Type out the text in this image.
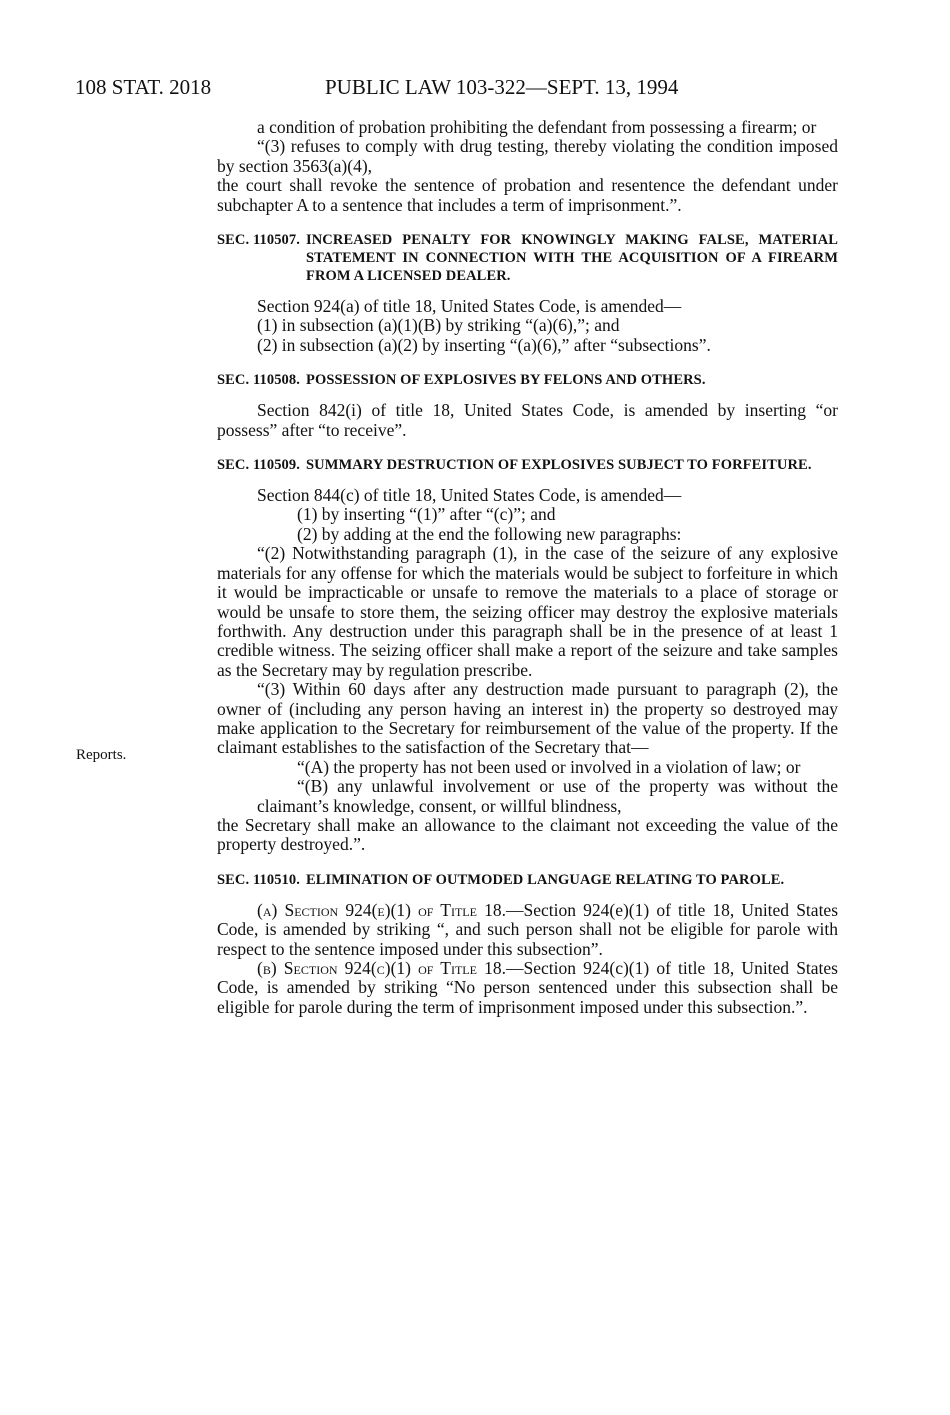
108 STAT. 2018	PUBLIC LAW 103-322—SEPT. 13, 1994
Reports.

a condition of probation prohibiting the defendant from possessing a firearm; or

“(3) refuses to comply with drug testing, thereby violating the condition imposed by section 3563(a)(4),

the court shall revoke the sentence of probation and resentence the defendant under subchapter A to a sentence that includes a term of imprisonment.”.

SEC. 110507. INCREASED PENALTY FOR KNOWINGLY MAKING FALSE, MATERIAL STATEMENT IN CONNECTION WITH THE ACQUISITION OF A FIREARM FROM A LICENSED DEALER.

Section 924(a) of title 18, United States Code, is amended—

(1) in subsection (a)(1)(B) by striking “(a)(6),”; and

(2) in subsection (a)(2) by inserting “(a)(6),” after “subsections”.

SEC. 110508. POSSESSION OF EXPLOSIVES BY FELONS AND OTHERS.

Section 842(i) of title 18, United States Code, is amended by inserting “or possess” after “to receive”.

SEC. 110509. SUMMARY DESTRUCTION OF EXPLOSIVES SUBJECT TO FORFEITURE.

Section 844(c) of title 18, United States Code, is amended—

(1) by inserting “(1)” after “(c)”; and

(2) by adding at the end the following new paragraphs:

“(2) Notwithstanding paragraph (1), in the case of the seizure of any explosive materials for any offense for which the materials would be subject to forfeiture in which it would be impracticable or unsafe to remove the materials to a place of storage or would be unsafe to store them, the seizing officer may destroy the explosive materials forthwith. Any destruction under this paragraph shall be in the presence of at least 1 credible witness. The seizing officer shall make a report of the seizure and take samples as the Secretary may by regulation prescribe.

“(3) Within 60 days after any destruction made pursuant to paragraph (2), the owner of (including any person having an interest in) the property so destroyed may make application to the Secretary for reimbursement of the value of the property. If the claimant establishes to the satisfaction of the Secretary that—

“(A) the property has not been used or involved in a violation of law; or

“(B) any unlawful involvement or use of the property was without the claimant’s knowledge, consent, or willful blindness,

the Secretary shall make an allowance to the claimant not exceeding the value of the property destroyed.”.

SEC. 110510. ELIMINATION OF OUTMODED LANGUAGE RELATING TO PAROLE.

(a) Section 924(e)(1) of Title 18.—Section 924(e)(1) of title 18, United States Code, is amended by striking “, and such person shall not be eligible for parole with respect to the sentence imposed under this subsection”.

(b) Section 924(c)(1) of Title 18.—Section 924(c)(1) of title 18, United States Code, is amended by striking “No person sentenced under this subsection shall be eligible for parole during the term of imprisonment imposed under this subsection.”.
